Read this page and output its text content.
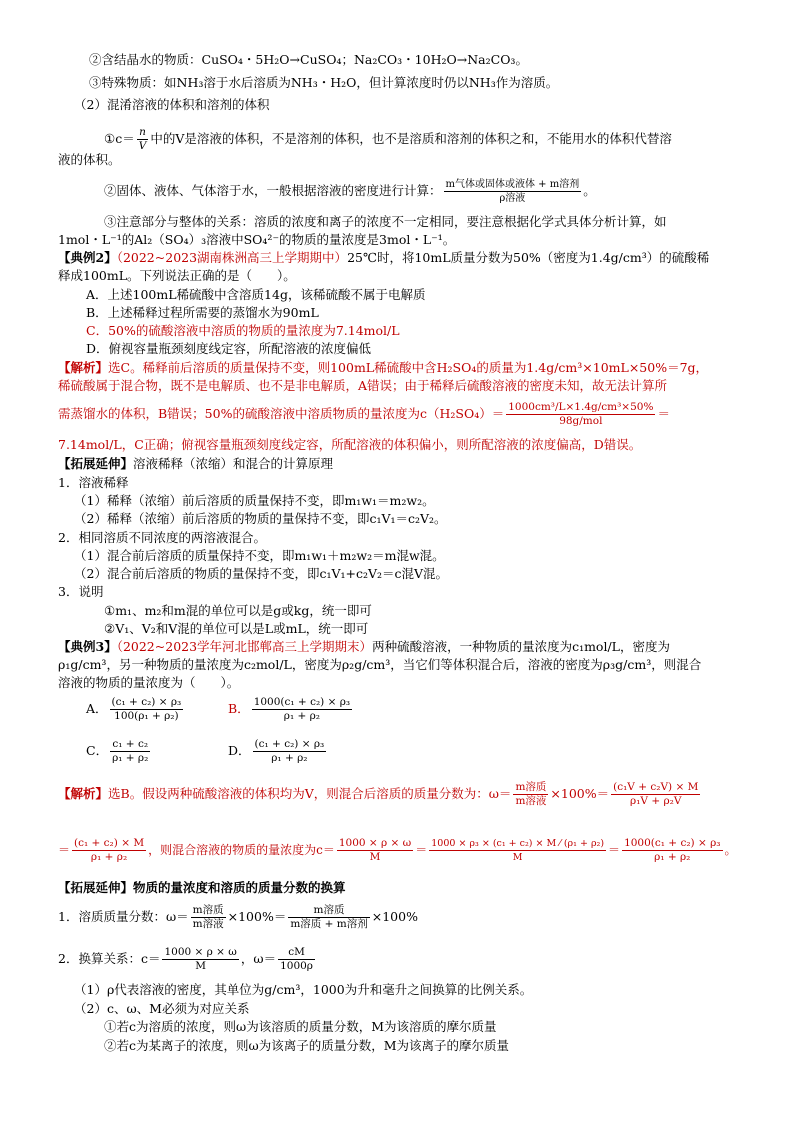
②含结晶水的物质：CuSO₄・5H₂O→CuSO₄；Na₂CO₃・10H₂O→Na₂CO₃。
③特殊物质：如NH₃溶于水后溶质为NH₃・H₂O，但计算浓度时仍以NH₃作为溶质。
（2）混淆溶液的体积和溶剂的体积
①c＝ $\frac{n}{V}$ 中的V是溶液的体积，不是溶剂的体积，也不是溶质和溶剂的体积之和，不能用水的体积代替溶
液的体积。
②固体、液体、气体溶于水，一般根据溶液的密度进行计算： $\frac{\text{m气体或固体或液体 + m溶剂}}{\text{ρ溶液}}$ 。
③注意部分与整体的关系：溶质的浓度和离子的浓度不一定相同，要注意根据化学式具体分析计算，如
1mol・L⁻¹的Al₂（SO₄）₃溶液中SO₄²⁻的物质的量浓度是3mol・L⁻¹。
【典例2】（2022~2023湖南株洲高三上学期期中）25℃时，将10mL质量分数为50%（密度为1.4g/cm³）的硫酸稀
释成100mL。下列说法正确的是（　　）。
A．上述100mL稀硫酸中含溶质14g，该稀硫酸不属于电解质
B．上述稀释过程所需要的蒸馏水为90mL
C．50%的硫酸溶液中溶质的物质的量浓度为7.14mol/L
D．俯视容量瓶颈刻度线定容，所配溶液的浓度偏低
【解析】选C。稀释前后溶质的质量保持不变，则100mL稀硫酸中含H₂SO₄的质量为1.4g/cm³×10mL×50%＝7g，
稀硫酸属于混合物，既不是电解质、也不是非电解质，A错误；由于稀释后硫酸溶液的密度未知，故无法计算所
需蒸馏水的体积，B错误；50%的硫酸溶液中溶质物质的量浓度为$c(H_2SO_4)= \frac{\text{1000cm³/L×1.4g/cm³×50\%}}{\text{98g/mol}}$ ＝
7.14mol/L，C正确；俯视容量瓶颈刻度线定容，所配溶液的体积偏小，则所配溶液的浓度偏高，D错误。
【拓展延伸】溶液稀释（浓缩）和混合的计算原理
1．溶液稀释
（1）稀释（浓缩）前后溶质的质量保持不变，即m₁w₁＝m₂w₂。
（2）稀释（浓缩）前后溶质的物质的量保持不变，即c₁V₁＝c₂V₂。
2．相同溶质不同浓度的两溶液混合。
（1）混合前后溶质的质量保持不变，即m₁w₁＋m₂w₂＝m混w混。
（2）混合前后溶质的物质的量保持不变，即c₁V₁+c₂V₂＝c混V混。
3．说明
①m₁、m₂和m混的单位可以是g或kg，统一即可
②V₁、V₂和V混的单位可以是L或mL，统一即可
【典例3】（2022~2023学年河北邯郸高三上学期期末）两种硫酸溶液，一种物质的量浓度为c₁mol/L，密度为
ρ₁g/cm³，另一种物质的量浓度为c₂mol/L，密度为ρ₂g/cm³，当它们等体积混合后，溶液的密度为ρ₃g/cm³，则混合
溶液的物质的量浓度为（　　）。
A． $\frac{\text{(c₁ + c₂) × ρ₃}}{\text{100(ρ₁ + ρ₂)}}$	B． $\frac{\text{1000(c₁ + c₂) × ρ₃}}{\text{ρ₁ + ρ₂}}$
C． $\frac{\text{c₁ + c₂}}{\text{ρ₁ + ρ₂}}$	D． $\frac{\text{(c₁ + c₂) × ρ₃}}{\text{ρ₁ + ρ₂}}$
【解析】选B。假设两种硫酸溶液的体积均为V，则混合后溶质的质量分数为：$\omega= \frac{\text{m溶质}}{\text{m溶液}} \times 100\%= \frac{\text{(c₁V + c₂V) × M}}{\text{ρ₁V + ρ₂V}}$
＝ $\frac{\text{(c₁ + c₂) × M}}{\text{ρ₁ + ρ₂}}$ ，则混合溶液的物质的量浓度为$c= \frac{1000 \times \rho \times \omega}{M} = \frac{\text{1000 × ρ₃ × (c₁ + c₂) × M ⁄ (ρ₁ + ρ₂)}}{M} = \frac{\text{1000(c₁ + c₂) × ρ₃}}{\text{ρ₁ + ρ₂}}$ 。
【拓展延伸】物质的量浓度和溶质的质量分数的换算
1．溶质质量分数：$\omega= \frac{\text{m溶质}}{\text{m溶液}} \times 100\%= \frac{\text{m溶质}}{\text{m溶质 + m溶剂}} \times 100\%$
2．换算关系：$c= \frac{1000 \times \rho \times \omega}{M}$ ，$\omega= \frac{cM}{1000\rho}$
（1）ρ代表溶液的密度，其单位为g/cm³，1000为升和毫升之间换算的比例关系。
（2）c、ω、M必须为对应关系
①若c为溶质的浓度，则ω为该溶质的质量分数，M为该溶质的摩尔质量
②若c为某离子的浓度，则ω为该离子的质量分数，M为该离子的摩尔质量
